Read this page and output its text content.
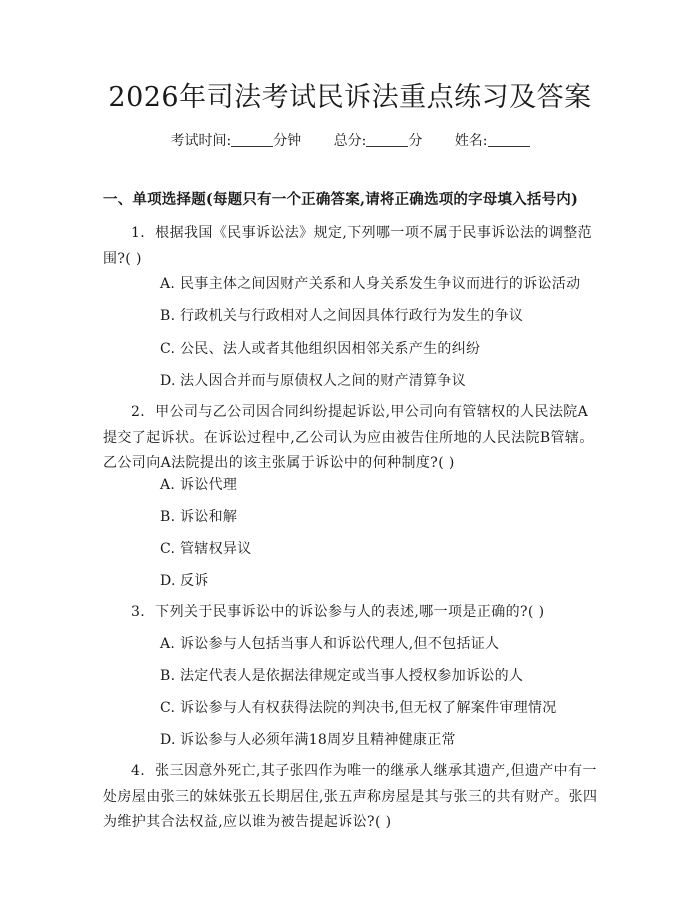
2026年司法考试民诉法重点练习及答案
考试时间:	分钟 总分:	分 姓名:
一、单项选择题(每题只有一个正确答案,请将正确选项的字母填入括号内)
1. 根据我国《民事诉讼法》规定,下列哪一项不属于民事诉讼法的调整范围?( )
A. 民事主体之间因财产关系和人身关系发生争议而进行的诉讼活动
B. 行政机关与行政相对人之间因具体行政行为发生的争议
C. 公民、法人或者其他组织因相邻关系产生的纠纷
D. 法人因合并而与原债权人之间的财产清算争议
2. 甲公司与乙公司因合同纠纷提起诉讼,甲公司向有管辖权的人民法院A提交了起诉状。在诉讼过程中,乙公司认为应由被告住所地的人民法院B管辖。乙公司向A法院提出的该主张属于诉讼中的何种制度?( )
A. 诉讼代理
B. 诉讼和解
C. 管辖权异议
D. 反诉
3. 下列关于民事诉讼中的诉讼参与人的表述,哪一项是正确的?( )
A. 诉讼参与人包括当事人和诉讼代理人,但不包括证人
B. 法定代表人是依据法律规定或当事人授权参加诉讼的人
C. 诉讼参与人有权获得法院的判决书,但无权了解案件审理情况
D. 诉讼参与人必须年满18周岁且精神健康正常
4. 张三因意外死亡,其子张四作为唯一的继承人继承其遗产,但遗产中有一处房屋由张三的妹妹张五长期居住,张五声称房屋是其与张三的共有财产。张四为维护其合法权益,应以谁为被告提起诉讼?( )
